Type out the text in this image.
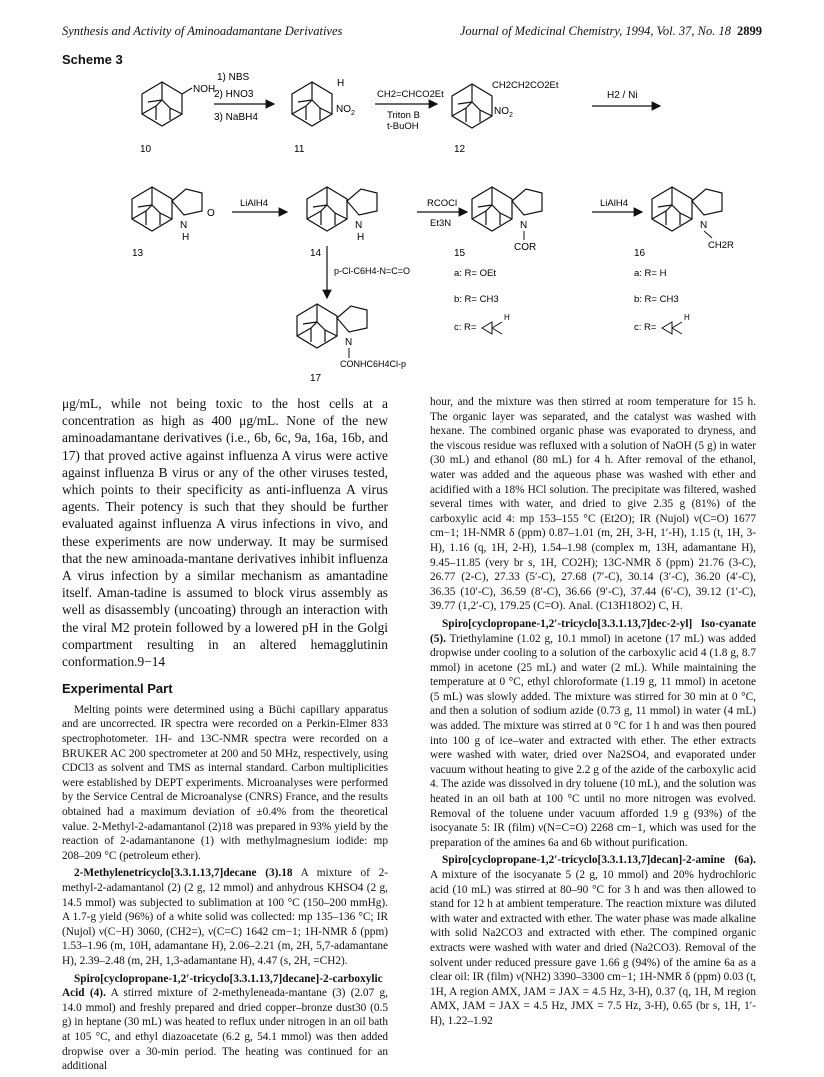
Synthesis and Activity of Aminoadamantane Derivatives	Journal of Medicinal Chemistry, 1994, Vol. 37, No. 18 2899
Scheme 3
NOH
10
1) NBS
2) HNO3
3) NaBH4
H
$NO_2$
11
CH2=CHCO2Et
Triton B
t-BuOH
CH2CH2CO2Et
$NO_2$
12
H2 / Ni
N
H
O
13
LiAlH4
N
H
14
RCOCl
Et3N	N
COR
15
LiAlH4
N
CH2R
16
a: R= OEt
b: R= CH3
c: R=
H
a: R= H
b: R= CH3
c: R=
H
p-Cl-C6H4-N=C=O
N
CONHC6H4Cl-p
17

μg/mL, while not being toxic to the host cells at a concentration as high as 400 μg/mL. None of the new aminoadamantane derivatives (i.e., 6b, 6c, 9a, 16a, 16b, and 17) that proved active against influenza A virus were active against influenza B virus or any of the other viruses tested, which points to their specificity as anti-influenza A virus agents. Their potency is such that they should be further evaluated against influenza A virus infections in vivo, and these experiments are now underway. It may be surmised that the new aminoada-mantane derivatives inhibit influenza A virus infection by a similar mechanism as amantadine itself. Aman-tadine is assumed to block virus assembly as well as disassembly (uncoating) through an interaction with the viral M2 protein followed by a lowered pH in the Golgi compartment resulting in an altered hemagglutinin conformation.9−14

Experimental Part

Melting points were determined using a Büchi capillary apparatus and are uncorrected. IR spectra were recorded on a Perkin-Elmer 833 spectrophotometer. 1H- and 13C-NMR spectra were recorded on a BRUKER AC 200 spectrometer at 200 and 50 MHz, respectively, using CDCl3 as solvent and TMS as internal standard. Carbon multiplicities were established by DEPT experiments. Microanalyses were performed by the Service Central de Microanalyse (CNRS) France, and the results obtained had a maximum deviation of ±0.4% from the theoretical value. 2-Methyl-2-adamantanol (2)18 was prepared in 93% yield by the reaction of 2-adamantanone (1) with methylmagnesium iodide: mp 208–209 °C (petroleum ether).

2-Methylenetricyclo[3.3.1.13,7]decane (3).18 A mixture of 2-methyl-2-adamantanol (2) (2 g, 12 mmol) and anhydrous KHSO4 (2 g, 14.5 mmol) was subjected to sublimation at 100 °C (150–200 mmHg). A 1.7-g yield (96%) of a white solid was collected: mp 135–136 °C; IR (Nujol) ν(C−H) 3060, (CH2=), ν(C=C) 1642 cm−1; 1H-NMR δ (ppm) 1.53–1.96 (m, 10H, adamantane H), 2.06–2.21 (m, 2H, 5,7-adamantane H), 2.39–2.48 (m, 2H, 1,3-adamantane H), 4.47 (s, 2H, =CH2).

Spiro[cyclopropane-1,2′-tricyclo[3.3.1.13,7]decane]-2-carboxylic Acid (4). A stirred mixture of 2-methyleneada-mantane (3) (2.07 g, 14.0 mmol) and freshly prepared and dried copper–bronze dust30 (0.5 g) in heptane (30 mL) was heated to reflux under nitrogen in an oil bath at 105 °C, and ethyl diazoacetate (6.2 g, 54.1 mmol) was then added dropwise over a 30-min period. The heating was continued for an additional

hour, and the mixture was then stirred at room temperature for 15 h. The organic layer was separated, and the catalyst was washed with hexane. The combined organic phase was evaporated to dryness, and the viscous residue was refluxed with a solution of NaOH (5 g) in water (30 mL) and ethanol (80 mL) for 4 h. After removal of the ethanol, water was added and the aqueous phase was washed with ether and acidified with a 18% HCl solution. The precipitate was filtered, washed several times with water, and dried to give 2.35 g (81%) of the carboxylic acid 4: mp 153–155 °C (Et2O); IR (Nujol) ν(C=O) 1677 cm−1; 1H-NMR δ (ppm) 0.87–1.01 (m, 2H, 3-H, 1′-H), 1.15 (t, 1H, 3-H), 1.16 (q, 1H, 2-H), 1.54–1.98 (complex m, 13H, adamantane H), 9.45–11.85 (very br s, 1H, CO2H); 13C-NMR δ (ppm) 21.76 (3-C), 26.77 (2-C), 27.33 (5′-C), 27.68 (7′-C), 30.14 (3′-C), 36.20 (4′-C), 36.35 (10′-C), 36.59 (8′-C), 36.66 (9′-C), 37.44 (6′-C), 39.12 (1′-C), 39.77 (1,2′-C), 179.25 (C=O). Anal. (C13H18O2) C, H.

Spiro[cyclopropane-1,2′-tricyclo[3.3.1.13,7]dec-2-yl] Iso-cyanate (5). Triethylamine (1.02 g, 10.1 mmol) in acetone (17 mL) was added dropwise under cooling to a solution of the carboxylic acid 4 (1.8 g, 8.7 mmol) in acetone (25 mL) and water (2 mL). While maintaining the temperature at 0 °C, ethyl chloroformate (1.19 g, 11 mmol) in acetone (5 mL) was slowly added. The mixture was stirred for 30 min at 0 °C, and then a solution of sodium azide (0.73 g, 11 mmol) in water (4 mL) was added. The mixture was stirred at 0 °C for 1 h and was then poured into 100 g of ice–water and extracted with ether. The ether extracts were washed with water, dried over Na2SO4, and evaporated under vacuum without heating to give 2.2 g of the azide of the carboxylic acid 4. The azide was dissolved in dry toluene (10 mL), and the solution was heated in an oil bath at 100 °C until no more nitrogen was evolved. Removal of the toluene under vacuum afforded 1.9 g (93%) of the isocyanate 5: IR (film) ν(N=C=O) 2268 cm−1, which was used for the preparation of the amines 6a and 6b without purification.

Spiro[cyclopropane-1,2′-tricyclo[3.3.1.13,7]decan]-2-amine (6a). A mixture of the isocyanate 5 (2 g, 10 mmol) and 20% hydrochloric acid (10 mL) was stirred at 80–90 °C for 3 h and was then allowed to stand for 12 h at ambient temperature. The reaction mixture was diluted with water and extracted with ether. The water phase was made alkaline with solid Na2CO3 and extracted with ether. The compined organic extracts were washed with water and dried (Na2CO3). Removal of the solvent under reduced pressure gave 1.66 g (94%) of the amine 6a as a clear oil: IR (film) ν(NH2) 3390–3300 cm−1; 1H-NMR δ (ppm) 0.03 (t, 1H, A region AMX, JAM = JAX = 4.5 Hz, 3-H), 0.37 (q, 1H, M region AMX, JAM = JAX = 4.5 Hz, JMX = 7.5 Hz, 3-H), 0.65 (br s, 1H, 1′-H), 1.22–1.92
